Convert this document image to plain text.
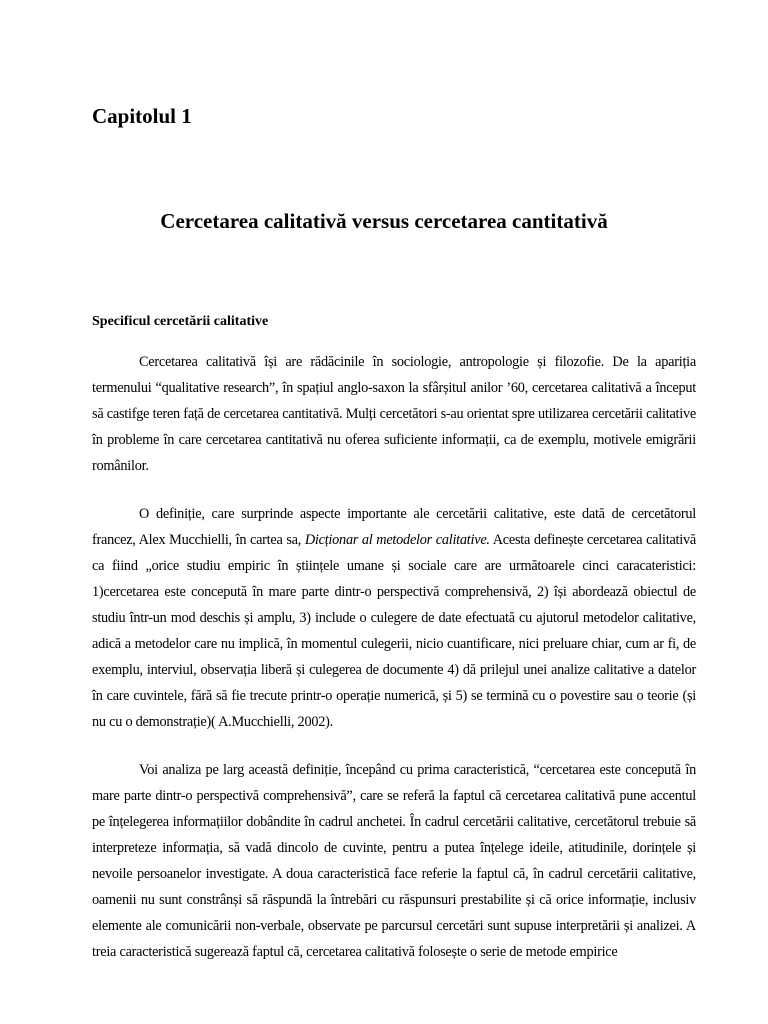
Capitolul 1
Cercetarea calitativă versus cercetarea cantitativă
Specificul cercetării calitative

Cercetarea calitativă își are rădăcinile în sociologie, antropologie și filozofie. De la apariția termenului “qualitative research”, în spațiul anglo-saxon la sfârșitul anilor ’60, cercetarea calitativă a început să castifge teren față de cercetarea cantitativă. Mulți cercetători s-au orientat spre utilizarea cercetării calitative în probleme în care cercetarea cantitativă nu oferea suficiente informații, ca de exemplu, motivele emigrării românilor.

O definiție, care surprinde aspecte importante ale cercetării calitative, este dată de cercetătorul francez, Alex Mucchielli, în cartea sa, Dicționar al metodelor calitative. Acesta definește cercetarea calitativă ca fiind „orice studiu empiric în științele umane și sociale care are următoarele cinci caracateristici: 1)cercetarea este concepută în mare parte dintr-o perspectivă comprehensivă, 2) își abordează obiectul de studiu într-un mod deschis și amplu, 3) include o culegere de date efectuată cu ajutorul metodelor calitative, adică a metodelor care nu implică, în momentul culegerii, nicio cuantificare, nici preluare chiar, cum ar fi, de exemplu, interviul, observația liberă și culegerea de documente 4) dă prilejul unei analize calitative a datelor în care cuvintele, fără să fie trecute printr-o operație numerică, și 5) se termină cu o povestire sau o teorie (și nu cu o demonstrație)( A.Mucchielli, 2002).

Voi analiza pe larg această definiție, începând cu prima caracteristică, “cercetarea este concepută în mare parte dintr-o perspectivă comprehensivă”, care se referă la faptul că cercetarea calitativă pune accentul pe înțelegerea informațiilor dobândite în cadrul anchetei. În cadrul cercetării calitative, cercetătorul trebuie să interpreteze informația, să vadă dincolo de cuvinte, pentru a putea înțelege ideile, atitudinile, dorințele și nevoile persoanelor investigate. A doua caracteristică face referie la faptul că, în cadrul cercetării calitative, oamenii nu sunt constrânși să răspundă la întrebări cu răspunsuri prestabilite și că orice informație, inclusiv elemente ale comunicării non-verbale, observate pe parcursul cercetări sunt supuse interpretării și analizei. A treia caracteristică sugerează faptul că, cercetarea calitativă folosește o serie de metode empirice
